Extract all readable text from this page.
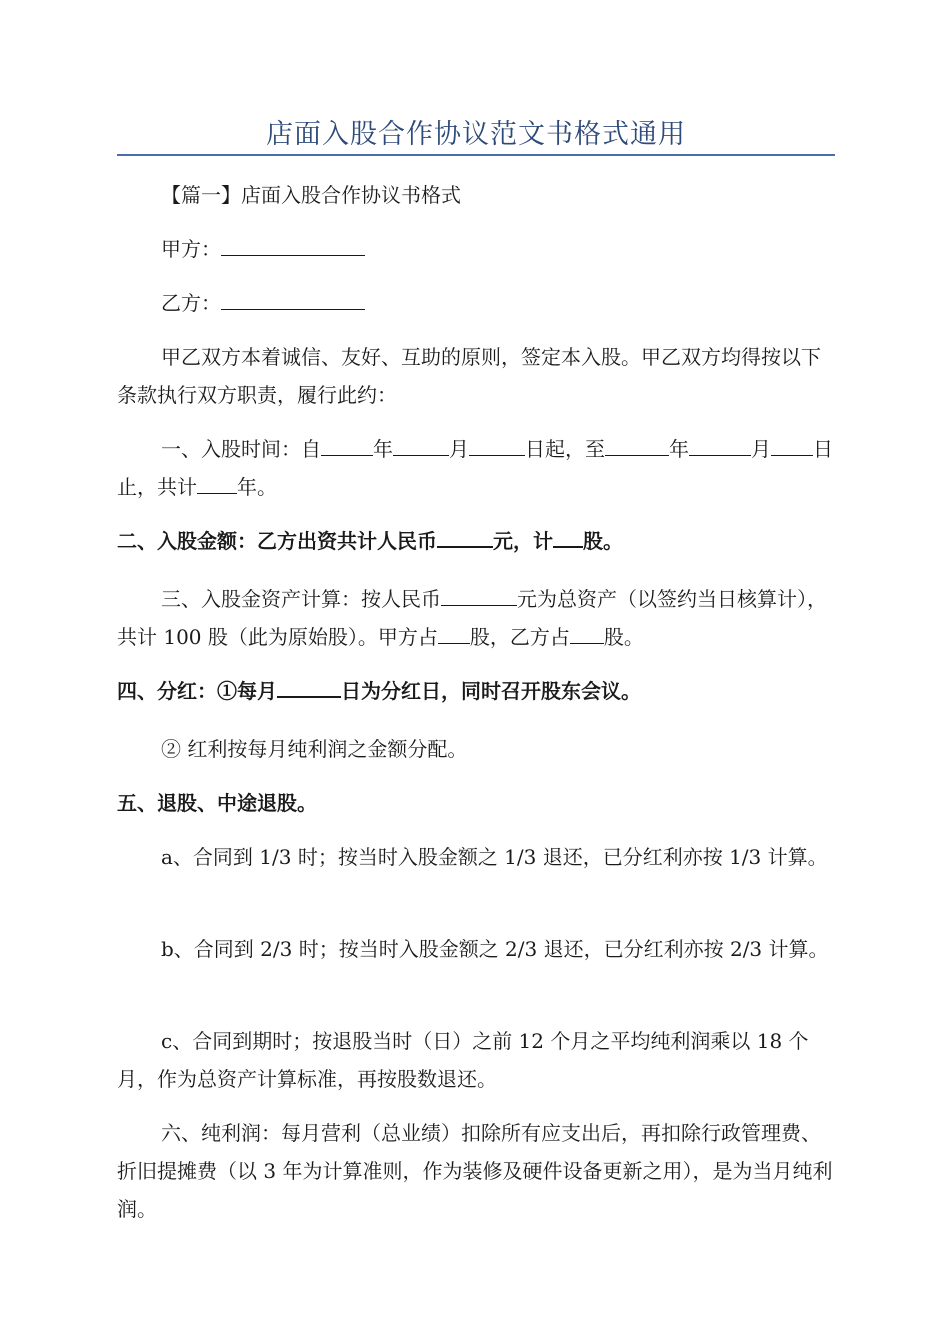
店面入股合作协议范文书格式通用

【篇一】店面入股合作协议书格式

甲方：

乙方：

甲乙双方本着诚信、友好、互助的原则，签定本入股。甲乙双方均得按以下条款执行双方职责，履行此约：

一、入股时间：自	年	月	日起，至	年	月 日止，共计 年。

二、入股金额：乙方出资共计人民币	元，计 股。

三、入股金资产计算：按人民币	元为总资产（以签约当日核算计），共计 100 股（此为原始股）。甲方占 股，乙方占 股。

四、分红：①每月	日为分红日，同时召开股东会议。

② 红利按每月纯利润之金额分配。

五、退股、中途退股。

a、合同到 1/3 时；按当时入股金额之 1/3 退还，已分红利亦按 1/3 计算。

b、合同到 2/3 时；按当时入股金额之 2/3 退还，已分红利亦按 2/3 计算。

c、合同到期时；按退股当时（日）之前 12 个月之平均纯利润乘以 18 个月，作为总资产计算标准，再按股数退还。

六、纯利润：每月营利（总业绩）扣除所有应支出后，再扣除行政管理费、折旧提摊费（以 3 年为计算准则，作为装修及硬件设备更新之用），是为当月纯利润。
